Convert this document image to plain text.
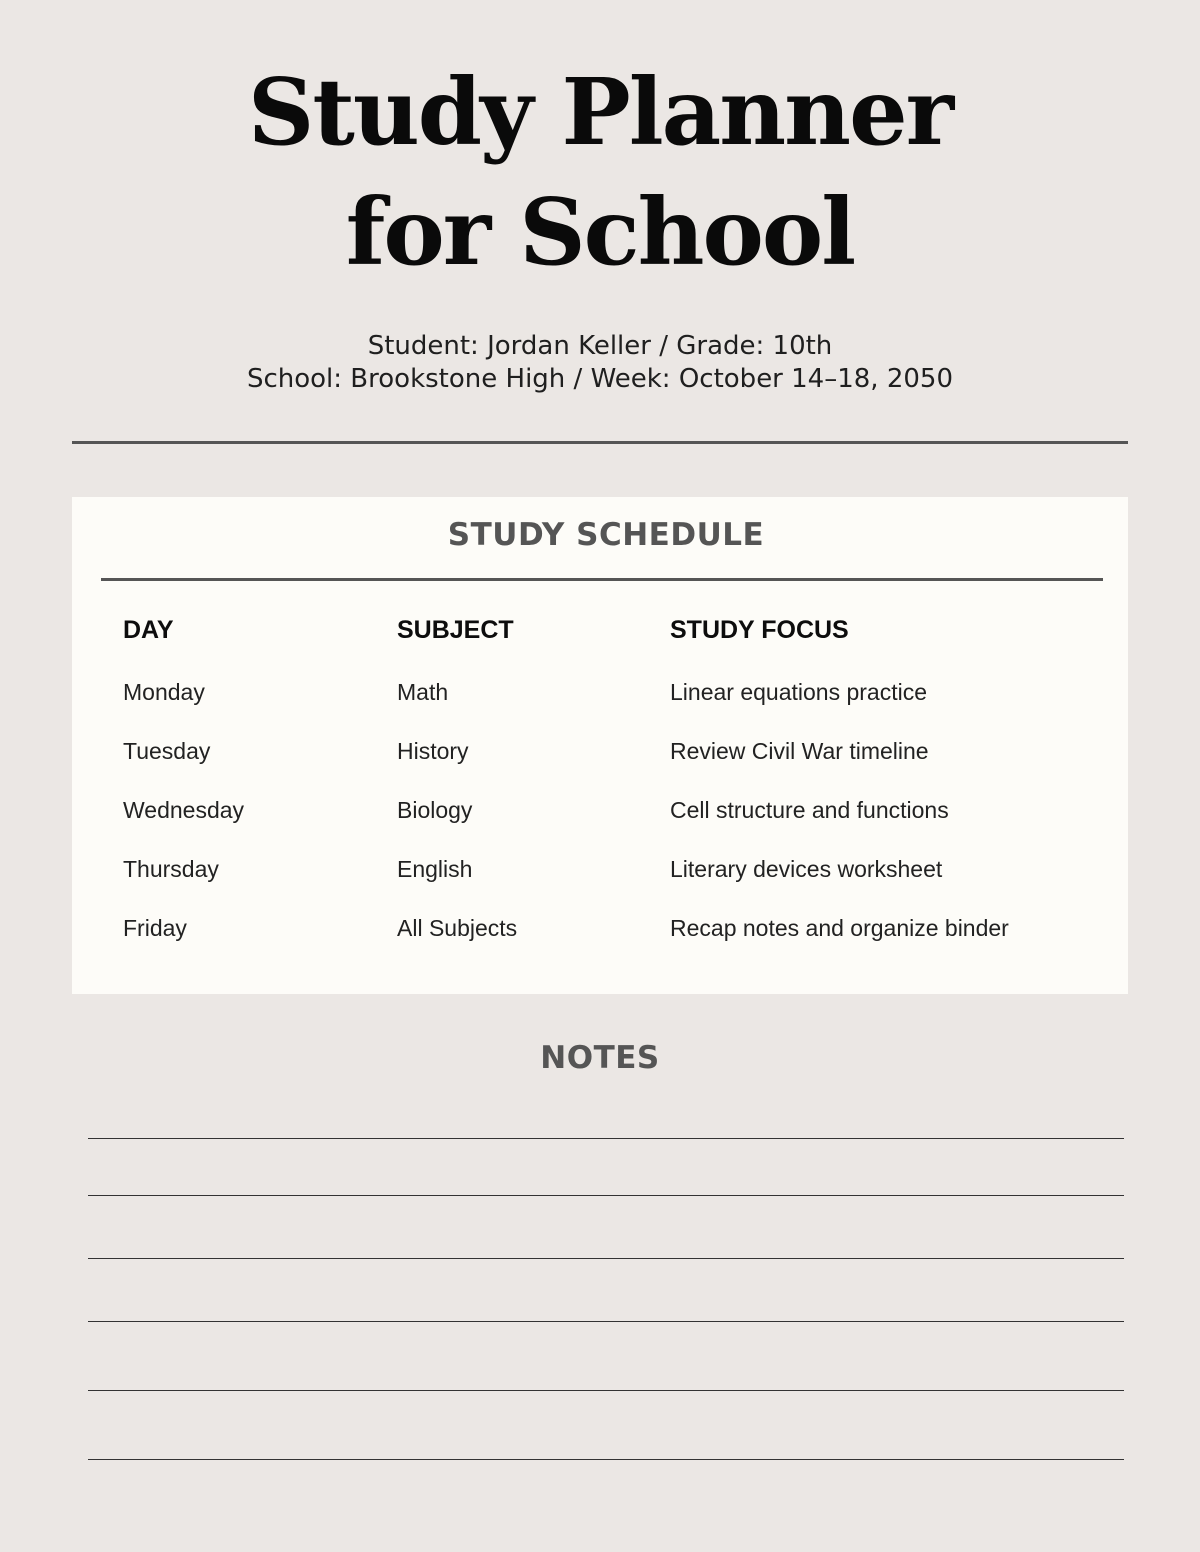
Study Planner
for School
Student: Jordan Keller / Grade: 10th
School: Brookstone High / Week: October 14–18, 2050
STUDY SCHEDULE
DAY	SUBJECT	STUDY FOCUS
Monday	Math	Linear equations practice
Tuesday	History	Review Civil War timeline
Wednesday	Biology	Cell structure and functions
Thursday	English	Literary devices worksheet
Friday	All Subjects	Recap notes and organize binder
NOTES
